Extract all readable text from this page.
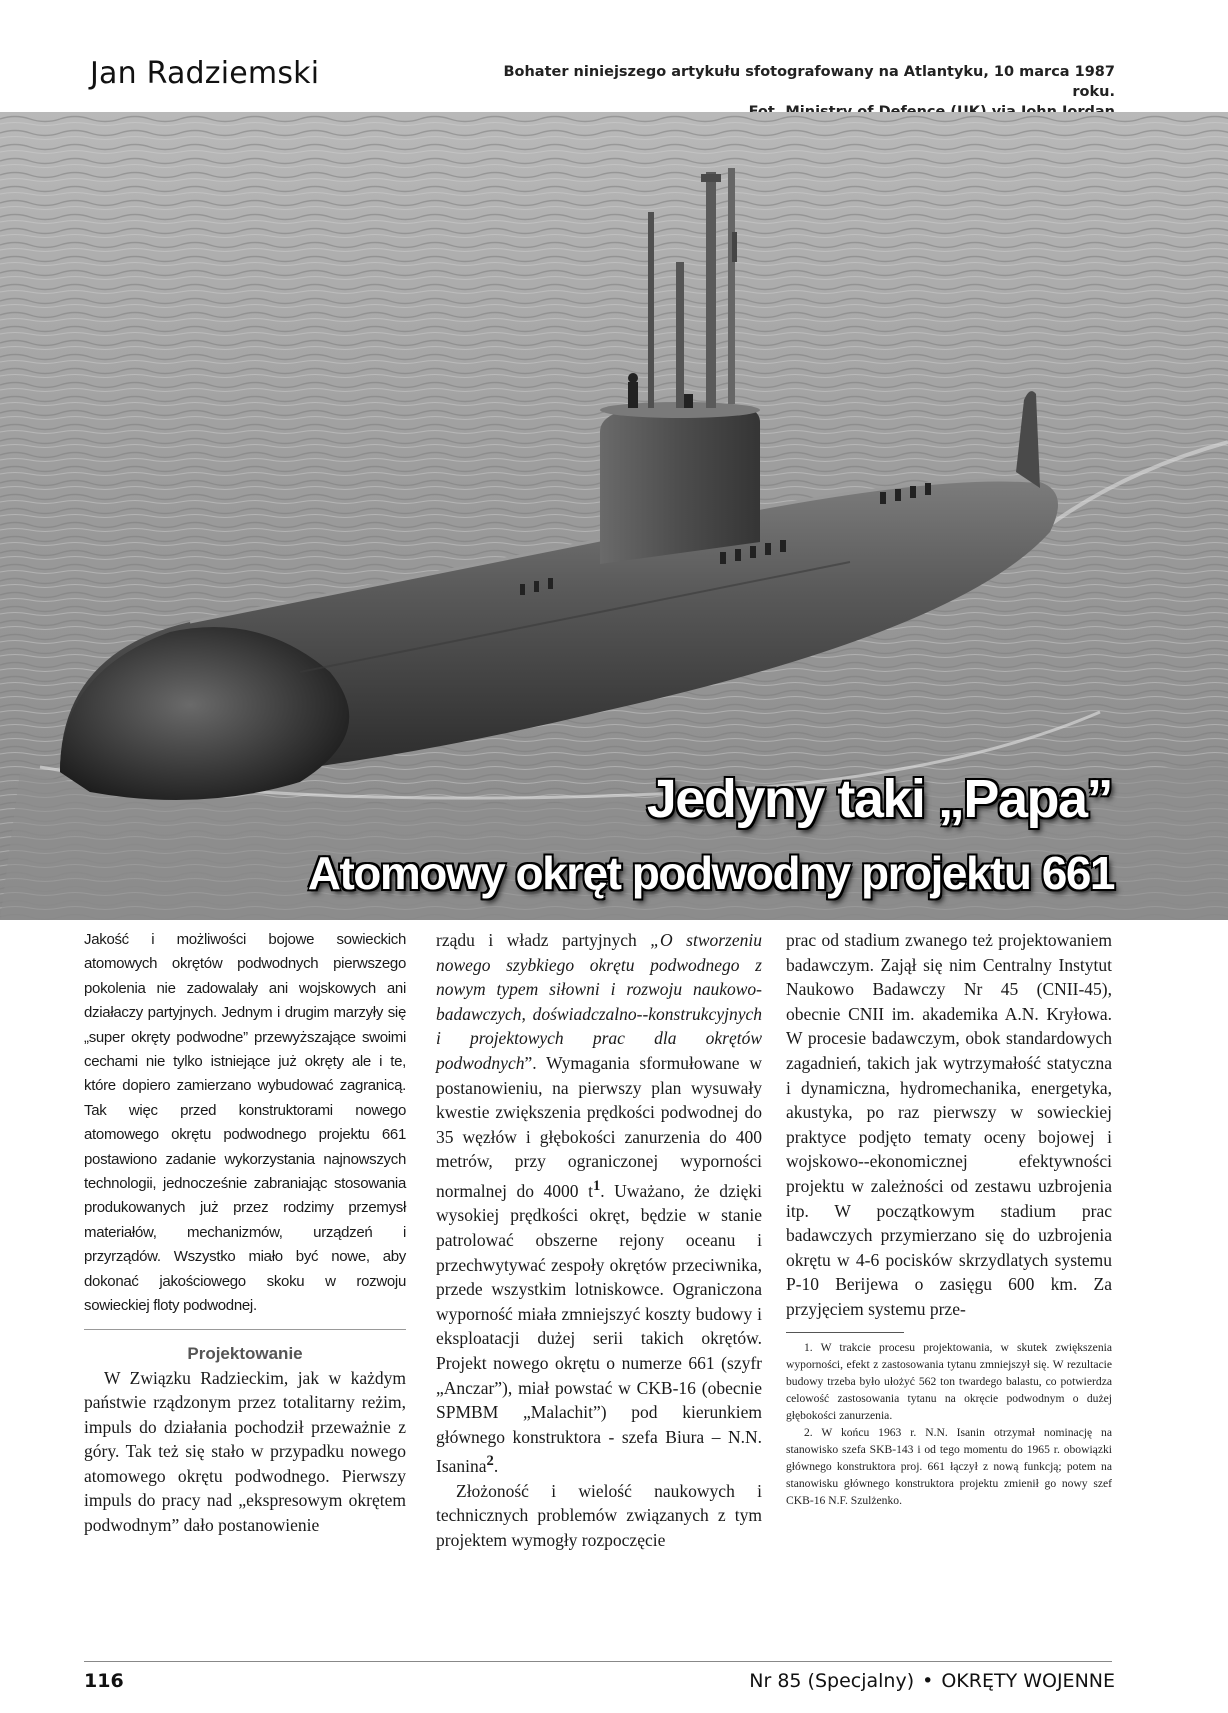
Jan Radziemski	Bohater niniejszego artykułu sfotografowany na Atlantyku, 10 marca 1987 roku.
Jedyny taki „Papa”
Atomowy okręt podwodny projektu 661
Jakość i możliwości bojowe sowieckich atomowych okrętów podwodnych pierwszego pokolenia nie zadowalały ani wojskowych ani działaczy partyjnych. Jednym i drugim marzyły się „super okręty podwodne” przewyższające swoimi cechami nie tylko istniejące już okręty ale i te, które dopiero zamierzano wybudować zagranicą. Tak więc przed konstruktorami nowego atomowego okrętu podwodnego projektu 661 postawiono zadanie wykorzystania najnowszych technologii, jednocześnie zabraniając stosowania produkowanych już przez rodzimy przemysł materiałów, mechanizmów, urządzeń i przyrządów. Wszystko miało być nowe, aby dokonać jakościowego skoku w rozwoju sowieckiej floty podwodnej.
Projektowanie

W Związku Radzieckim, jak w każdym państwie rządzonym przez totalitarny reżim, impuls do działania pochodził przeważnie z góry. Tak też się stało w przypadku nowego atomowego okrętu podwodnego. Pierwszy impuls do pracy nad „ekspresowym okrętem podwodnym” dało postanowienie

rządu i władz partyjnych „O stworzeniu nowego szybkiego okrętu podwodnego z nowym typem siłowni i rozwoju naukowo-badawczych, doświadczalno--konstrukcyjnych i projektowych prac dla okrętów podwodnych”. Wymagania sformułowane w postanowieniu, na pierwszy plan wysuwały kwestie zwiększenia prędkości podwodnej do 35 węzłów i głębokości zanurzenia do 400 metrów, przy ograniczonej wyporności normalnej do 4000 $t^1$. Uważano, że dzięki wysokiej prędkości okręt, będzie w stanie patrolować obszerne rejony oceanu i przechwytywać zespoły okrętów przeciwnika, przede wszystkim lotniskowce. Ograniczona wyporność miała zmniejszyć koszty budowy i eksploatacji dużej serii takich okrętów. Projekt nowego okrętu o numerze 661 (szyfr „Anczar”), miał powstać w CKB-16 (obecnie SPMBM „Malachit”) pod kierunkiem głównego konstruktora - szefa Biura – N.N. Isanina$^2$.

Złożoność i wielość naukowych i technicznych problemów związanych z tym projektem wymogły rozpoczęcie

prac od stadium zwanego też projektowaniem badawczym. Zajął się nim Centralny Instytut Naukowo Badawczy Nr 45 (CNII-45), obecnie CNII im. akademika A.N. Kryłowa. W procesie badawczym, obok standardowych zagadnień, takich jak wytrzymałość statyczna i dynamiczna, hydromechanika, energetyka, akustyka, po raz pierwszy w sowieckiej praktyce podjęto tematy oceny bojowej i wojskowo--ekonomicznej efektywności projektu w zależności od zestawu uzbrojenia itp. W początkowym stadium prac badawczych przymierzano się do uzbrojenia okrętu w 4-6 pocisków skrzydlatych systemu P-10 Berijewa o zasięgu 600 km. Za przyjęciem systemu prze-

1. W trakcie procesu projektowania, w skutek zwiększenia wyporności, efekt z zastosowania tytanu zmniejszył się. W rezultacie budowy trzeba było ułożyć 562 ton twardego balastu, co potwierdza celowość zastosowania tytanu na okręcie podwodnym o dużej głębokości zanurzenia.

2. W końcu 1963 r. N.N. Isanin otrzymał nominację na stanowisko szefa SKB-143 i od tego momentu do 1965 r. obowiązki głównego konstruktora proj. 661 łączył z nową funkcją; potem na stanowisku głównego konstruktora projektu zmienił go nowy szef CKB-16 N.F. Szulżenko.

116	Nr 85 (Specjalny) • OKRĘTY WOJENNE
